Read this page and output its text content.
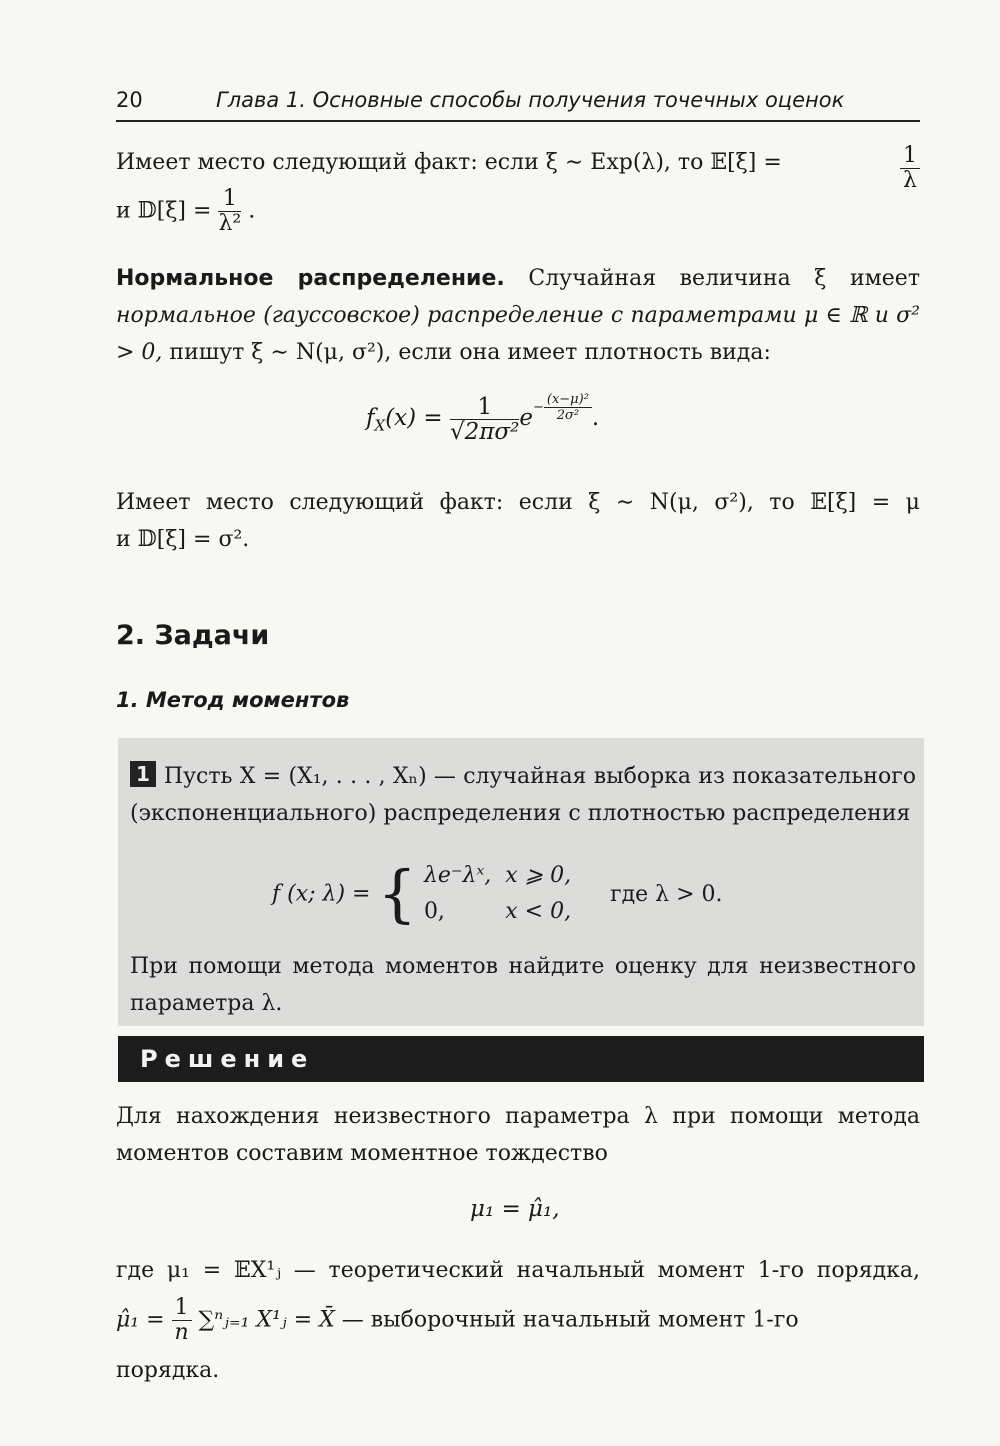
20	Глава 1. Основные способы получения точечных оценок
Имеет место следующий факт: если ξ ∼ Exp(λ), то 𝔼[ξ] =	$\frac{1}{\lambda}$
и 𝔻[ξ] = $\frac{1}{\text{λ²}}$ .
Нормальное распределение. Случайная величина ξ имеет нормальное (гауссовское) распределение с параметрами μ ∈ ℝ и σ² > 0, пишут ξ ∼ N(μ, σ²), если она имеет плотность вида:
$f_X(x) = \frac{1}{\text{√2πσ²}} e^{- \frac{\text{(x−μ)²}}{\text{2σ²}}}$ .
Имеет место следующий факт: если ξ ∼ N(μ, σ²), то 𝔼[ξ] = μ
и 𝔻[ξ] = σ².
2. Задачи
1. Метод моментов
1 Пусть X = (X₁, . . . , Xₙ) — случайная выборка из показательного (экспоненциального) распределения с плотностью распределения
f (x; λ) = { λe⁻λˣ,	x ⩾ 0,
0,	x < 0, где λ > 0.
При помощи метода моментов найдите оценку для неизвестного параметра λ.
Решение
Для нахождения неизвестного параметра λ при помощи метода моментов составим моментное тождество
μ₁ = μ̂₁,
где μ₁ = 𝔼X¹ⱼ — теоретический начальный момент 1-го порядка,
μ̂₁ = $\frac{1}{n}$ ∑ⁿⱼ₌₁ X¹ⱼ = X̄ — выборочный начальный момент 1-го
порядка.
